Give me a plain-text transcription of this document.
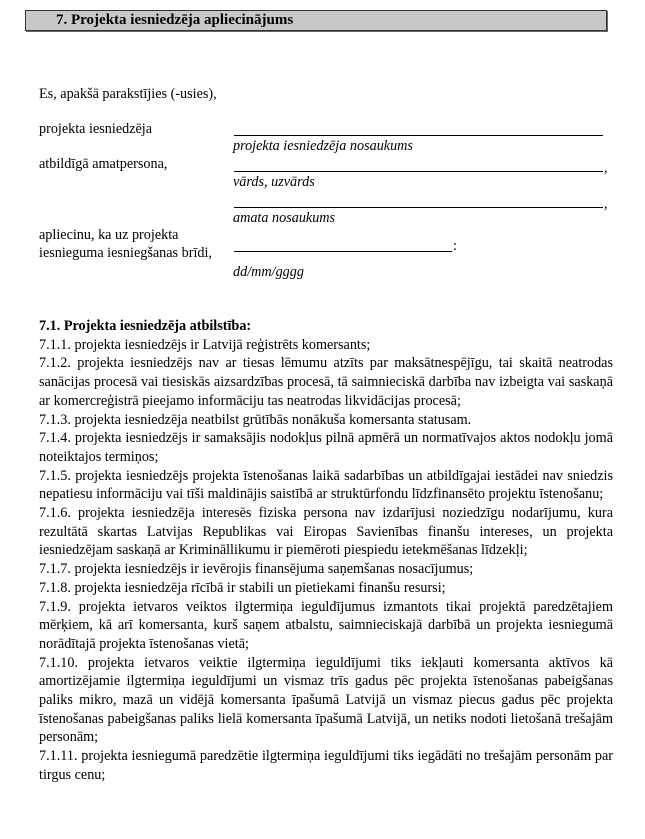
7. Projekta iesniedzēja apliecinājums
Es, apakšā parakstījies (-usies),
projekta iesniedzēja
projekta iesniedzēja nosaukums
atbildīgā amatpersona,	,
vārds, uzvārds
,
amata nosaukums
apliecinu, ka uz projekta
iesnieguma iesniegšanas brīdi,	:
dd/mm/gggg
7.1. Projekta iesniedzēja atbilstība:

7.1.1. projekta iesniedzējs ir Latvijā reģistrēts komersants;

7.1.2. projekta iesniedzējs nav ar tiesas lēmumu atzīts par maksātnespējīgu, tai skaitā neatrodas sanācijas procesā vai tiesiskās aizsardzības procesā, tā saimnieciskā darbība nav izbeigta vai saskaņā ar komercreģistrā pieejamo informāciju tas neatrodas likvidācijas procesā;

7.1.3. projekta iesniedzēja neatbilst grūtībās nonākuša komersanta statusam.

7.1.4. projekta iesniedzējs ir samaksājis nodokļus pilnā apmērā un normatīvajos aktos nodokļu jomā noteiktajos termiņos;

7.1.5. projekta iesniedzējs projekta īstenošanas laikā sadarbības un atbildīgajai iestādei nav sniedzis nepatiesu informāciju vai tīši maldinājis saistībā ar struktūrfondu līdzfinansēto projektu īstenošanu;

7.1.6. projekta iesniedzēja interesēs fiziska persona nav izdarījusi noziedzīgu nodarījumu, kura rezultātā skartas Latvijas Republikas vai Eiropas Savienības finanšu intereses, un projekta iesniedzējam saskaņā ar Krimināllikumu ir piemēroti piespiedu ietekmēšanas līdzekļi;

7.1.7. projekta iesniedzējs ir ievērojis finansējuma saņemšanas nosacījumus;

7.1.8. projekta iesniedzēja rīcībā ir stabili un pietiekami finanšu resursi;

7.1.9. projekta ietvaros veiktos ilgtermiņa ieguldījumus izmantots tikai projektā paredzētajiem mērķiem, kā arī komersanta, kurš saņem atbalstu, saimnieciskajā darbībā un projekta iesniegumā norādītajā projekta īstenošanas vietā;

7.1.10. projekta ietvaros veiktie ilgtermiņa ieguldījumi tiks iekļauti komersanta aktīvos kā amortizējamie ilgtermiņa ieguldījumi un vismaz trīs gadus pēc projekta īstenošanas pabeigšanas paliks mikro, mazā un vidējā komersanta īpašumā Latvijā un vismaz piecus gadus pēc projekta īstenošanas pabeigšanas paliks lielā komersanta īpašumā Latvijā, un netiks nodoti lietošanā trešajām personām;

7.1.11. projekta iesniegumā paredzētie ilgtermiņa ieguldījumi tiks iegādāti no trešajām personām par tirgus cenu;
